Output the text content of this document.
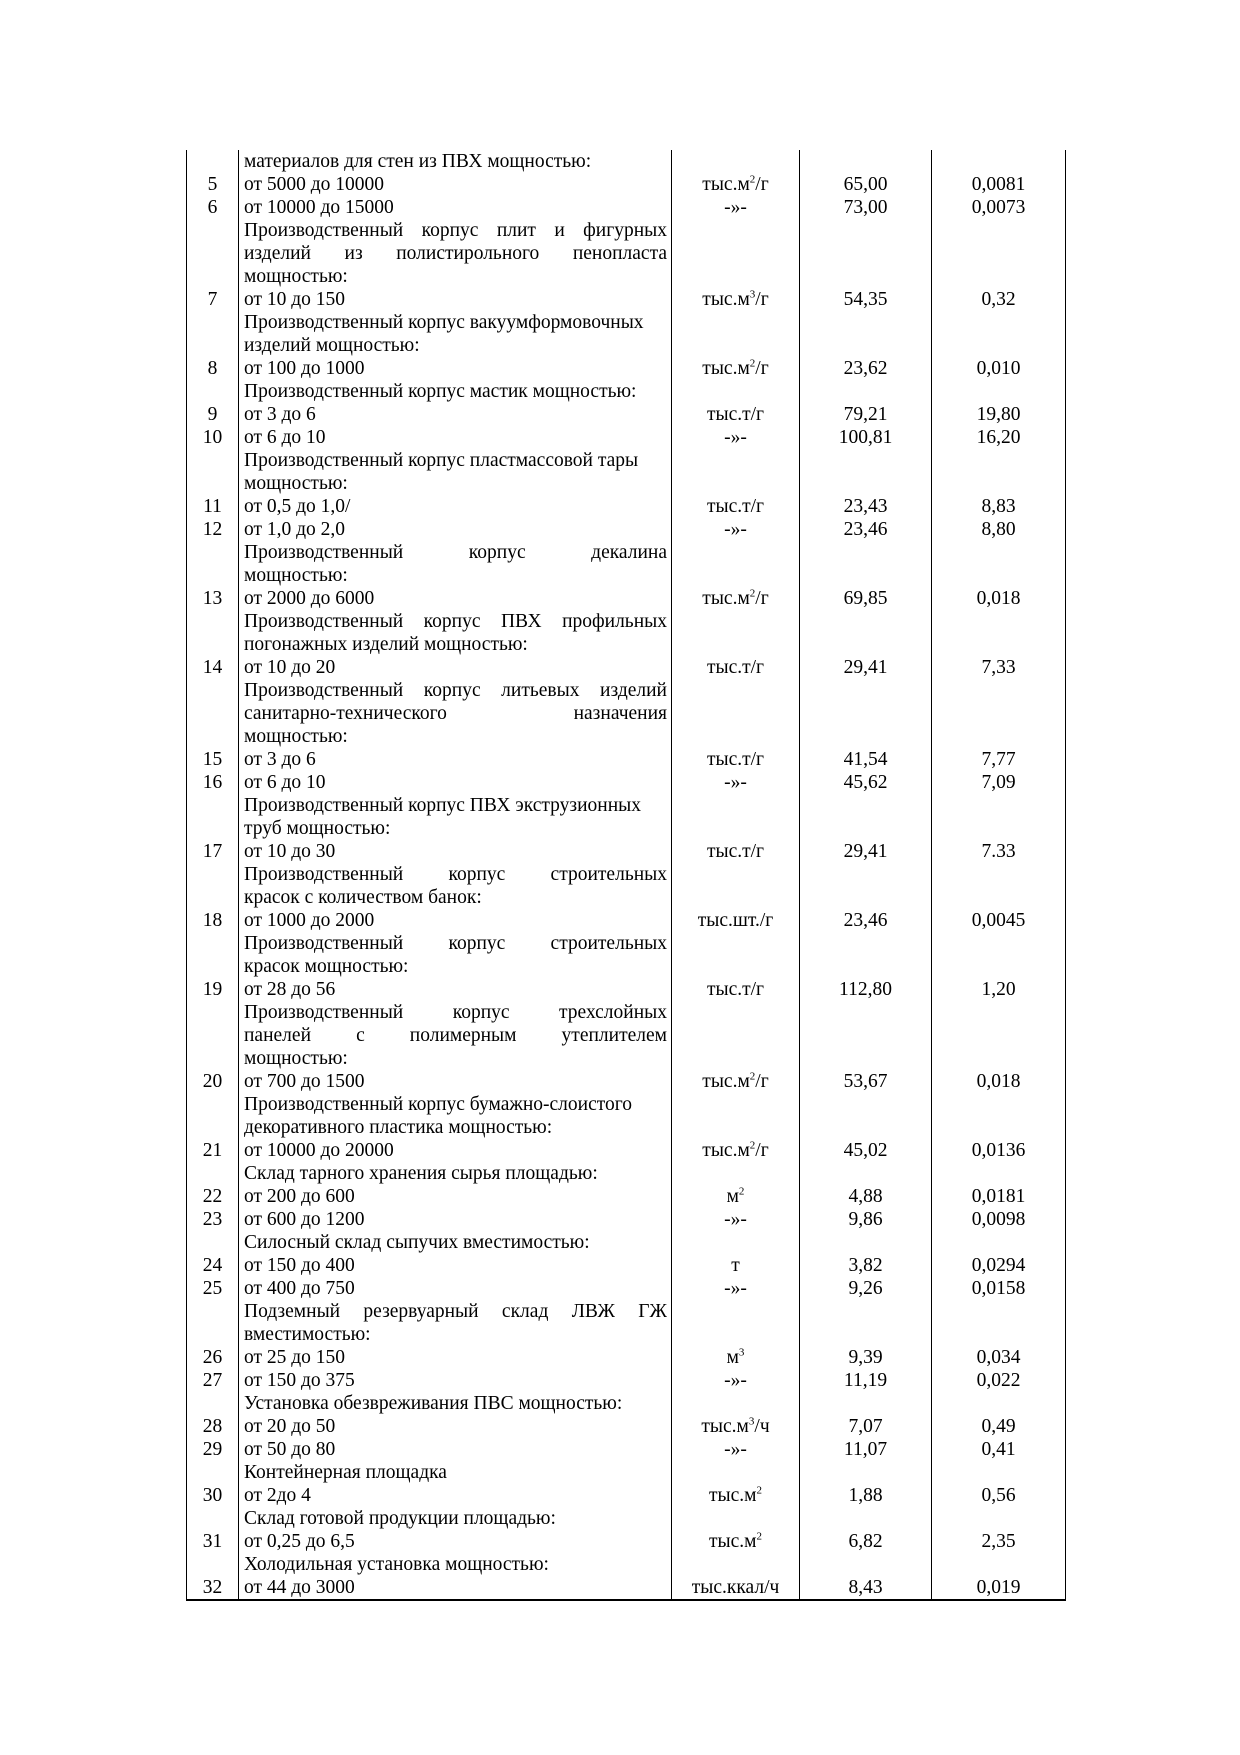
	материалов для стен из ПВХ мощностью:			
5	от 5000 до 10000	$тыс.м^2/г$	65,00	0,0081
6	от 10000 до 15000	-»-	73,00	0,0073
	Производственный корпус плит и фигурных			
	изделий из полистирольного пенопласта			
	мощностью:			
7	от 10 до 150	$тыс.м^3/г$	54,35	0,32
	Производственный корпус вакуумформовочных			
	изделий мощностью:			
8	от 100 до 1000	$тыс.м^2/г$	23,62	0,010
	Производственный корпус мастик мощностью:			
9	от 3 до 6	тыс.т/г	79,21	19,80
10	от 6 до 10	-»-	100,81	16,20
	Производственный корпус пластмассовой тары			
	мощностью:			
11	от 0,5 до 1,0/	тыс.т/г	23,43	8,83
12	от 1,0 до 2,0	-»-	23,46	8,80
	Производственный корпус декалина			
	мощностью:			
13	от 2000 до 6000	$тыс.м^2/г$	69,85	0,018
	Производственный корпус ПВХ профильных			
	погонажных изделий мощностью:			
14	от 10 до 20	тыс.т/г	29,41	7,33
	Производственный корпус литьевых изделий			
	санитарно-технического назначения			
	мощностью:			
15	от 3 до 6	тыс.т/г	41,54	7,77
16	от 6 до 10	-»-	45,62	7,09
	Производственный корпус ПВХ экструзионных			
	труб мощностью:			
17	от 10 до 30	тыс.т/г	29,41	7.33
	Производственный корпус строительных			
	красок с количеством банок:			
18	от 1000 до 2000	тыс.шт./г	23,46	0,0045
	Производственный корпус строительных			
	красок мощностью:			
19	от 28 до 56	тыс.т/г	112,80	1,20
	Производственный корпус трехслойных			
	панелей с полимерным утеплителем			
	мощностью:			
20	от 700 до 1500	$тыс.м^2/г$	53,67	0,018
	Производственный корпус бумажно-слоистого			
	декоративного пластика мощностью:			
21	от 10000 до 20000	$тыс.м^2/г$	45,02	0,0136
	Склад тарного хранения сырья площадью:			
22	от 200 до 600	$м^2$	4,88	0,0181
23	от 600 до 1200	-»-	9,86	0,0098
	Силосный склад сыпучих вместимостью:			
24	от 150 до 400	т	3,82	0,0294
25	от 400 до 750	-»-	9,26	0,0158
	Подземный резервуарный склад ЛВЖ ГЖ			
	вместимостью:			
26	от 25 до 150	$м^3$	9,39	0,034
27	от 150 до 375	-»-	11,19	0,022
	Установка обезвреживания ПВС мощностью:			
28	от 20 до 50	$тыс.м^3/ч$	7,07	0,49
29	от 50 до 80	-»-	11,07	0,41
	Контейнерная площадка			
30	от 2до 4	$тыс.м^2$	1,88	0,56
	Склад готовой продукции площадью:			
31	от 0,25 до 6,5	$тыс.м^2$	6,82	2,35
	Холодильная установка мощностью:			
32	от 44 до 3000	тыс.ккал/ч	8,43	0,019
